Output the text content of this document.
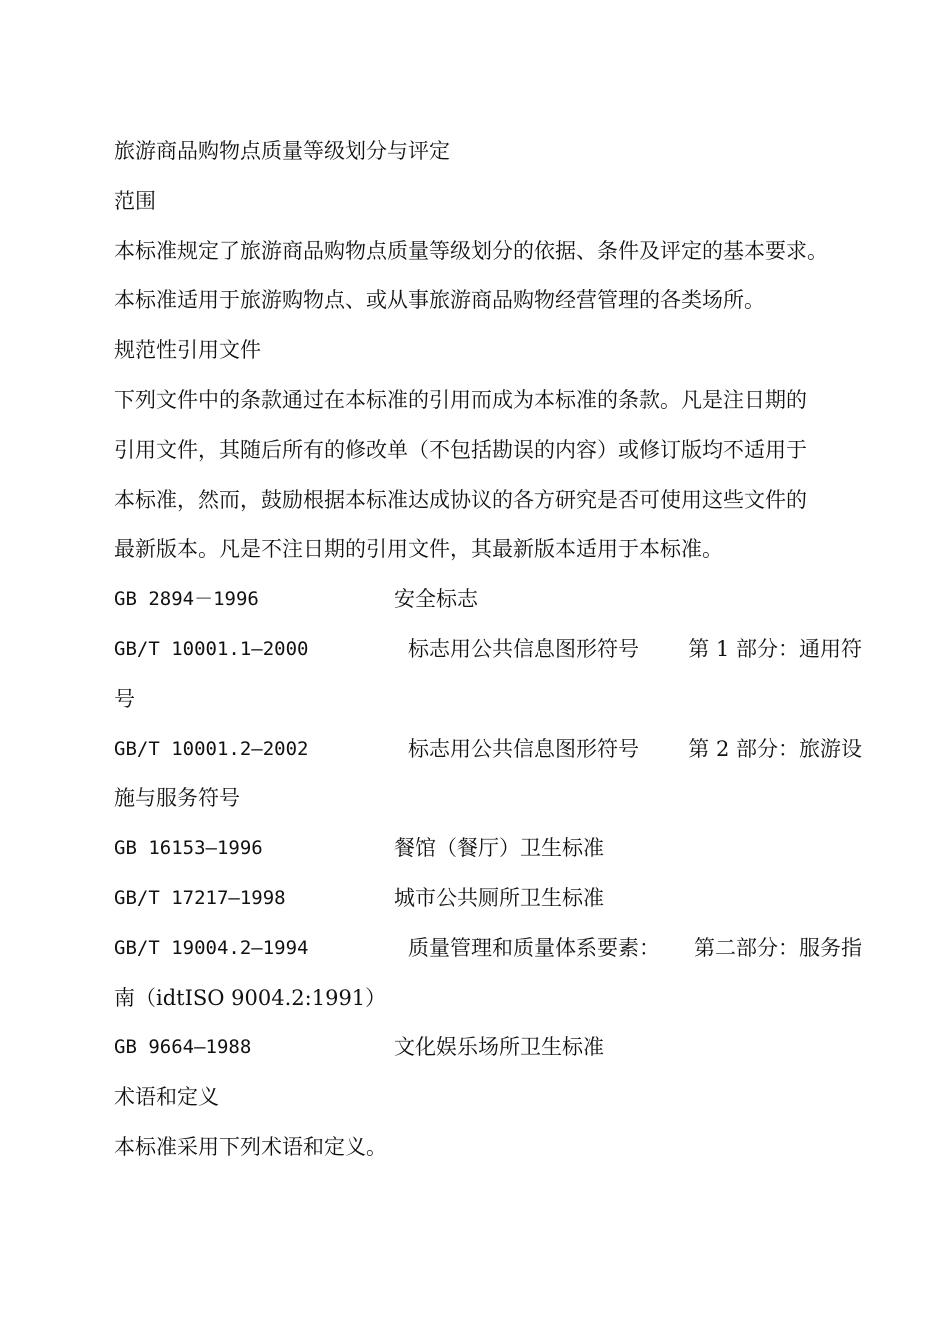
旅游商品购物点质量等级划分与评定
范围
本标准规定了旅游商品购物点质量等级划分的依据、条件及评定的基本要求。
本标准适用于旅游购物点、或从事旅游商品购物经营管理的各类场所。
规范性引用文件
下列文件中的条款通过在本标准的引用而成为本标准的条款。凡是注日期的
引用文件，其随后所有的修改单（不包括勘误的内容）或修订版均不适用于
本标准，然而，鼓励根据本标准达成协议的各方研究是否可使用这些文件的
最新版本。凡是不注日期的引用文件，其最新版本适用于本标准。
GB 2894－1996	安全标志
GB/T 10001.1—2000	标志用公共信息图形符号 第 1 部分：通用符
号
GB/T 10001.2—2002	标志用公共信息图形符号 第 2 部分：旅游设
施与服务符号
GB 16153—1996	餐馆（餐厅）卫生标准
GB/T 17217—1998	城市公共厕所卫生标准
GB/T 19004.2—1994	质量管理和质量体系要素： 第二部分：服务指
南（idtISO 9004.2:1991）
GB 9664—1988	文化娱乐场所卫生标准
术语和定义
本标准采用下列术语和定义。
